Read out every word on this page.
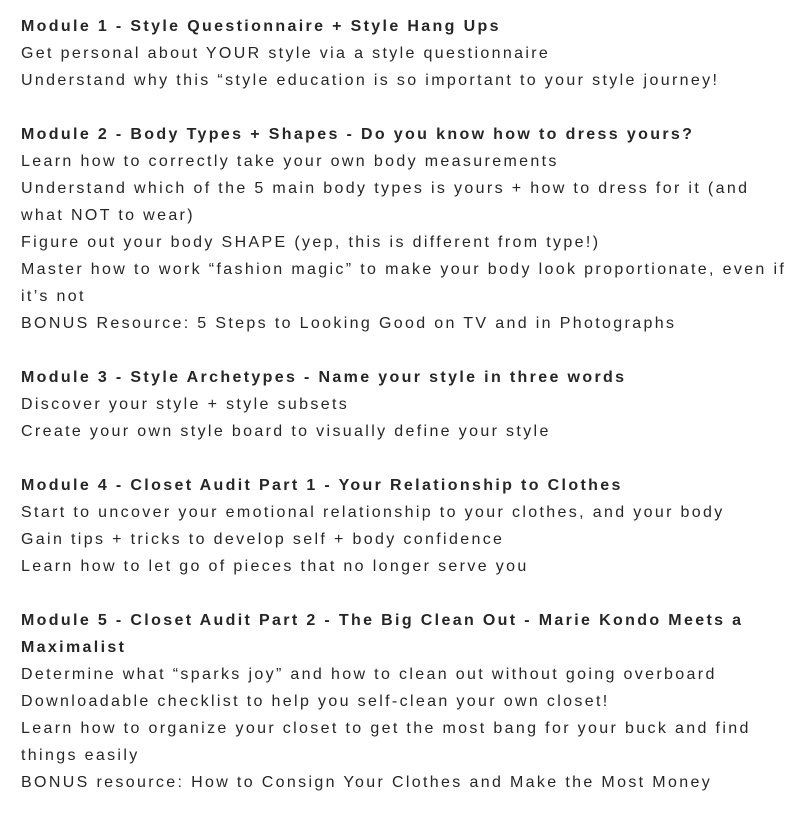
Module 1 - Style Questionnaire + Style Hang Ups

Get personal about YOUR style via a style questionnaire

Understand why this “style education is so important to your style journey!

Module 2 - Body Types + Shapes - Do you know how to dress yours?

Learn how to correctly take your own body measurements

Understand which of the 5 main body types is yours + how to dress for it (and what NOT to wear)

Figure out your body SHAPE (yep, this is different from type!)

Master how to work “fashion magic” to make your body look proportionate, even if it’s not

BONUS Resource: 5 Steps to Looking Good on TV and in Photographs

Module 3 - Style Archetypes - Name your style in three words

Discover your style + style subsets

Create your own style board to visually define your style

Module 4 - Closet Audit Part 1 - Your Relationship to Clothes

Start to uncover your emotional relationship to your clothes, and your body

Gain tips + tricks to develop self + body confidence

Learn how to let go of pieces that no longer serve you

Module 5 - Closet Audit Part 2 - The Big Clean Out - Marie Kondo Meets a Maximalist

Determine what “sparks joy” and how to clean out without going overboard

Downloadable checklist to help you self-clean your own closet!

Learn how to organize your closet to get the most bang for your buck and find things easily

BONUS resource: How to Consign Your Clothes and Make the Most Money
